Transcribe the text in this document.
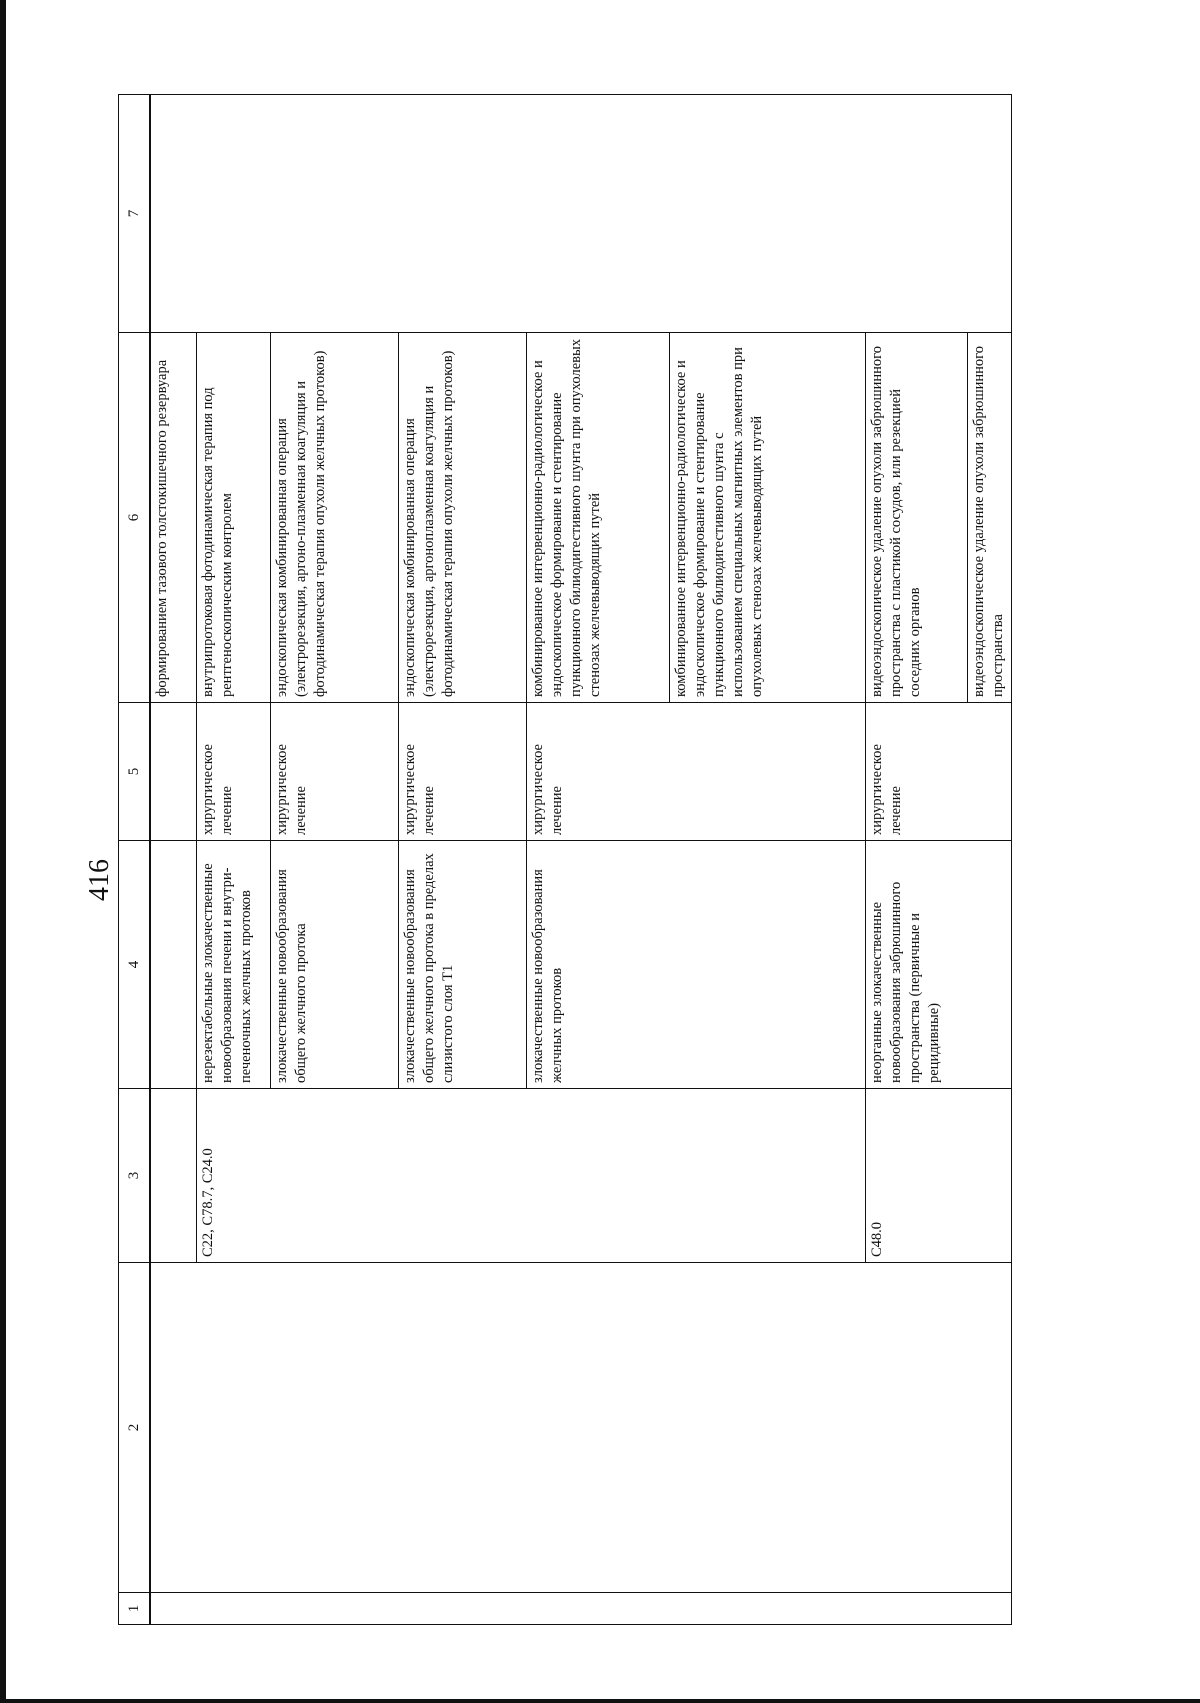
416
1	2	3	4	5	6	7

					формированием тазового толстокишечного резервуара	
		С22, С78.7, С24.0	нерезектабельные злокачественные новообразования печени и внутри-печеночных желчных протоков	хирургическое лечение	внутрипротоковая фотодинамическая терапия под рентгеноскопическим контролем	
			злокачественные новообразования общего желчного протока	хирургическое лечение	эндоскопическая комбинированная операция (электрорезекция, аргоно-плазменная коагуляция и фотодинамическая терапия опухоли желчных протоков)	
			злокачественные новообразования общего желчного протока в пределах слизистого слоя Т1	хирургическое лечение	эндоскопическая комбинированная операция (электрорезекция, аргоноплазменная коагуляция и фотодинамическая терапия опухоли желчных протоков)	
			злокачественные новообразования желчных протоков	хирургическое лечение	комбинированное интервенционно-радиологическое и эндоскопическое формирование и стентирование пункционного билиодигестивного шунта при опухолевых стенозах желчевыводящих путей	
					комбинированное интервенционно-радиологическое и эндоскопическое формирование и стентирование пункционного билиодигестивного шунта с использованием специальных магнитных элементов при опухолевых стенозах желчевыводящих путей	
		С48.0	неорганные злокачественные новообразования забрюшинного пространства (первичные и рецидивные)	хирургическое лечение	видеоэндоскопическое удаление опухоли забрюшинного пространства с пластикой сосудов, или резекцией соседних органов	
					видеоэндоскопическое удаление опухоли забрюшинного пространства	
